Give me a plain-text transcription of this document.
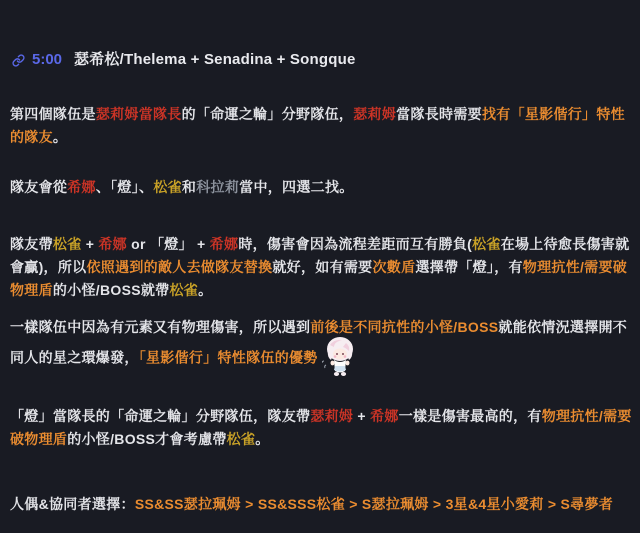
5:00 瑟希松/Thelema + Senadina + Songque

第四個隊伍是瑟莉姆當隊長的「命運之輪」分野隊伍，瑟莉姆當隊長時需要找有「星影偕行」特性的隊友。

隊友會從希娜、「燈」、松雀和科拉莉當中，四選二找。

隊友帶松雀 + 希娜 or 「燈」 + 希娜時，傷害會因為流程差距而互有勝負(松雀在場上待愈長傷害就會贏)，所以依照遇到的敵人去做隊友替換就好，如有需要次數盾選擇帶「燈」，有物理抗性/需要破物理盾的小怪/BOSS就帶松雀。

一樣隊伍中因為有元素又有物理傷害，所以遇到前後是不同抗性的小怪/BOSS就能依情況選擇開不同人的星之環爆發，「星影偕行」特性隊伍的優勢

「燈」當隊長的「命運之輪」分野隊伍，隊友帶瑟莉姆 + 希娜一樣是傷害最高的，有物理抗性/需要破物理盾的小怪/BOSS才會考慮帶松雀。

人偶&協同者選擇：SS&SS瑟拉珮姆 > SS&SSS松雀 > S瑟拉珮姆 > 3星&4星小愛莉 > S尋夢者
